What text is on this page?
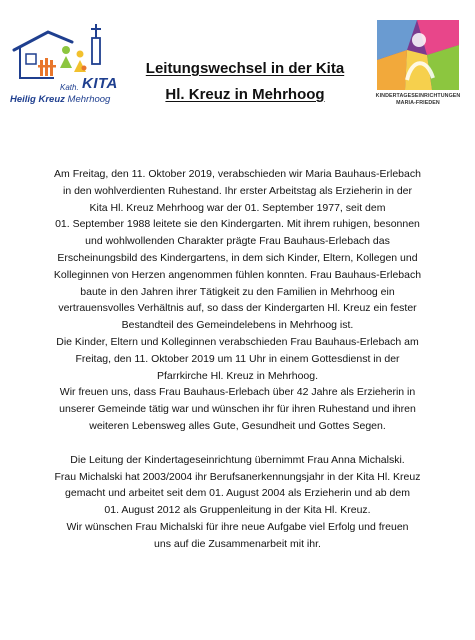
Kath. KITA
Heilig Kreuz Mehrhoog
Leitungswechsel in der Kita
Hl. Kreuz in Mehrhoog	KINDERTAGESEINRICHTUNGEN
MARIA-FRIEDEN
Am Freitag, den 11. Oktober 2019, verabschieden wir Maria Bauhaus-Erlebach
in den wohlverdienten Ruhestand. Ihr erster Arbeitstag als Erzieherin in der
Kita Hl. Kreuz Mehrhoog war der 01. September 1977, seit dem
01. September 1988 leitete sie den Kindergarten. Mit ihrem ruhigen, besonnen
und wohlwollenden Charakter prägte Frau Bauhaus-Erlebach das
Erscheinungsbild des Kindergartens, in dem sich Kinder, Eltern, Kollegen und
Kolleginnen von Herzen angenommen fühlen konnten. Frau Bauhaus-Erlebach
baute in den Jahren ihrer Tätigkeit zu den Familien in Mehrhoog ein
vertrauensvolles Verhältnis auf, so dass der Kindergarten Hl. Kreuz ein fester
Bestandteil des Gemeindelebens in Mehrhoog ist.
Die Kinder, Eltern und Kolleginnen verabschieden Frau Bauhaus-Erlebach am
Freitag, den 11. Oktober 2019 um 11 Uhr in einem Gottesdienst in der
Pfarrkirche Hl. Kreuz in Mehrhoog.
Wir freuen uns, dass Frau Bauhaus-Erlebach über 42 Jahre als Erzieherin in
unserer Gemeinde tätig war und wünschen ihr für ihren Ruhestand und ihren
weiteren Lebensweg alles Gute, Gesundheit und Gottes Segen.
Die Leitung der Kindertageseinrichtung übernimmt Frau Anna Michalski.
Frau Michalski hat 2003/2004 ihr Berufsanerkennungsjahr in der Kita Hl. Kreuz
gemacht und arbeitet seit dem 01. August 2004 als Erzieherin und ab dem
01. August 2012 als Gruppenleitung in der Kita Hl. Kreuz.
Wir wünschen Frau Michalski für ihre neue Aufgabe viel Erfolg und freuen
uns auf die Zusammenarbeit mit ihr.
